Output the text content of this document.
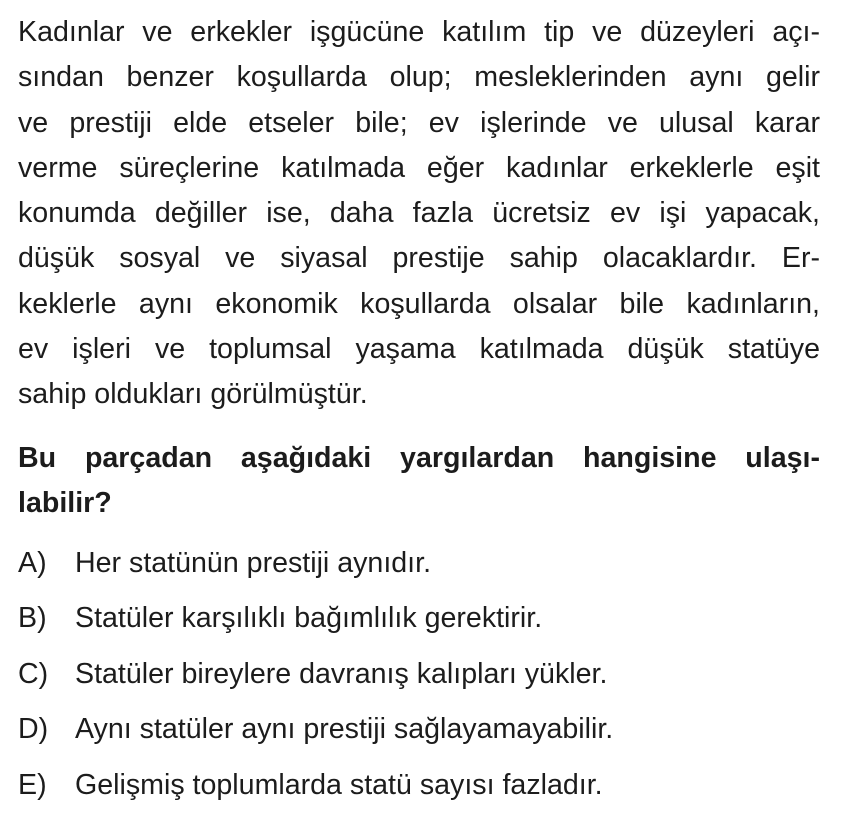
Kadınlar ve erkekler işgücüne katılım tip ve düzeyleri açı-
sından benzer koşullarda olup; mesleklerinden aynı gelir
ve prestiji elde etseler bile; ev işlerinde ve ulusal karar
verme süreçlerine katılmada eğer kadınlar erkeklerle eşit
konumda değiller ise, daha fazla ücretsiz ev işi yapacak,
düşük sosyal ve siyasal prestije sahip olacaklardır. Er-
keklerle aynı ekonomik koşullarda olsalar bile kadınların,
ev işleri ve toplumsal yaşama katılmada düşük statüye
sahip oldukları görülmüştür.
Bu parçadan aşağıdaki yargılardan hangisine ulaşı-
labilir?
A) Her statünün prestiji aynıdır.
B) Statüler karşılıklı bağımlılık gerektirir.
C) Statüler bireylere davranış kalıpları yükler.
D) Aynı statüler aynı prestiji sağlayamayabilir.
E) Gelişmiş toplumlarda statü sayısı fazladır.
